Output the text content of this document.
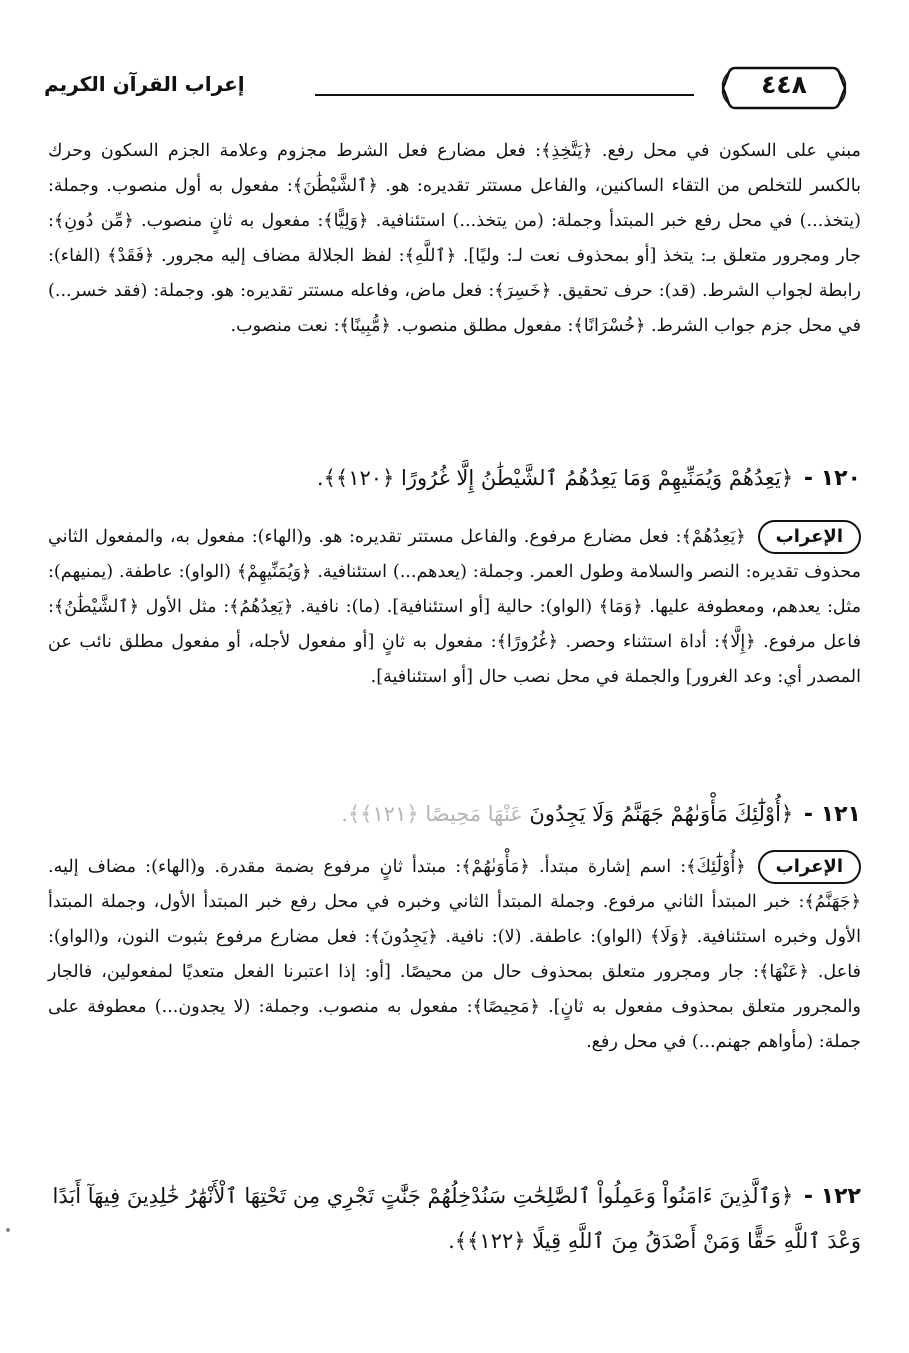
إعراب القرآن الكريم	٤٤٨
مبني على السكون في محل رفع. ﴿يَتَّخِذِ﴾: فعل مضارع فعل الشرط مجزوم وعلامة الجزم السكون وحرك بالكسر للتخلص من التقاء الساكنين، والفاعل مستتر تقديره: هو. ﴿ٱلشَّيْطَٰنَ﴾: مفعول به أول منصوب. وجملة: (يتخذ...) في محل رفع خبر المبتدأ وجملة: (من يتخذ...) استئنافية. ﴿وَلِيًّا﴾: مفعول به ثانٍ منصوب. ﴿مِّن دُونِ﴾: جار ومجرور متعلق بـ: يتخذ [أو بمحذوف نعت لـ: وليًا]. ﴿ٱللَّهِ﴾: لفظ الجلالة مضاف إليه مجرور. ﴿فَقَدْ﴾ (الفاء): رابطة لجواب الشرط. (قد): حرف تحقيق. ﴿خَسِرَ﴾: فعل ماض، وفاعله مستتر تقديره: هو. وجملة: (فقد خسر...) في محل جزم جواب الشرط. ﴿خُسْرَانًا﴾: مفعول مطلق منصوب. ﴿مُّبِينًا﴾: نعت منصوب.
١٢٠ - ﴿يَعِدُهُمْ وَيُمَنِّيهِمْ وَمَا يَعِدُهُمُ ٱلشَّيْطَٰنُ إِلَّا غُرُورًا ﴿١٢٠﴾﴾.

الإعراب﴿يَعِدُهُمْ﴾: فعل مضارع مرفوع. والفاعل مستتر تقديره: هو. و(الهاء): مفعول به، والمفعول الثاني محذوف تقديره: النصر والسلامة وطول العمر. وجملة: (يعدهم...) استئنافية. ﴿وَيُمَنِّيهِمْ﴾ (الواو): عاطفة. (يمنيهم): مثل: يعدهم، ومعطوفة عليها. ﴿وَمَا﴾ (الواو): حالية [أو استئنافية]. (ما): نافية. ﴿يَعِدُهُمُ﴾: مثل الأول ﴿ٱلشَّيْطَٰنُ﴾: فاعل مرفوع. ﴿إِلَّا﴾: أداة استثناء وحصر. ﴿غُرُورًا﴾: مفعول به ثانٍ [أو مفعول لأجله، أو مفعول مطلق نائب عن المصدر أي: وعد الغرور] والجملة في محل نصب حال [أو استئنافية].

١٢١ - ﴿أُوْلَٰٓئِكَ مَأْوَىٰهُمْ جَهَنَّمُ وَلَا يَجِدُونَ عَنْهَا مَحِيصًا ﴿١٢١﴾﴾.

الإعراب﴿أُوْلَٰٓئِكَ﴾: اسم إشارة مبتدأ. ﴿مَأْوَىٰهُمْ﴾: مبتدأ ثانٍ مرفوع بضمة مقدرة. و(الهاء): مضاف إليه. ﴿جَهَنَّمُ﴾: خبر المبتدأ الثاني مرفوع. وجملة المبتدأ الثاني وخبره في محل رفع خبر المبتدأ الأول، وجملة المبتدأ الأول وخبره استئنافية. ﴿وَلَا﴾ (الواو): عاطفة. (لا): نافية. ﴿يَجِدُونَ﴾: فعل مضارع مرفوع بثبوت النون، و(الواو): فاعل. ﴿عَنْهَا﴾: جار ومجرور متعلق بمحذوف حال من محيصًا. [أو: إذا اعتبرنا الفعل متعديًا لمفعولين، فالجار والمجرور متعلق بمحذوف مفعول به ثانٍ]. ﴿مَحِيصًا﴾: مفعول به منصوب. وجملة: (لا يجدون...) معطوفة على جملة: (مأواهم جهنم...) في محل رفع.

١٢٢ - ﴿وَٱلَّذِينَ ءَامَنُواْ وَعَمِلُواْ ٱلصَّٰلِحَٰتِ سَنُدْخِلُهُمْ جَنَّٰتٍ تَجْرِي مِن تَحْتِهَا ٱلْأَنْهَٰرُ خَٰلِدِينَ فِيهَآ أَبَدًا وَعْدَ ٱللَّهِ حَقًّا وَمَنْ أَصْدَقُ مِنَ ٱللَّهِ قِيلًا ﴿١٢٢﴾﴾.
